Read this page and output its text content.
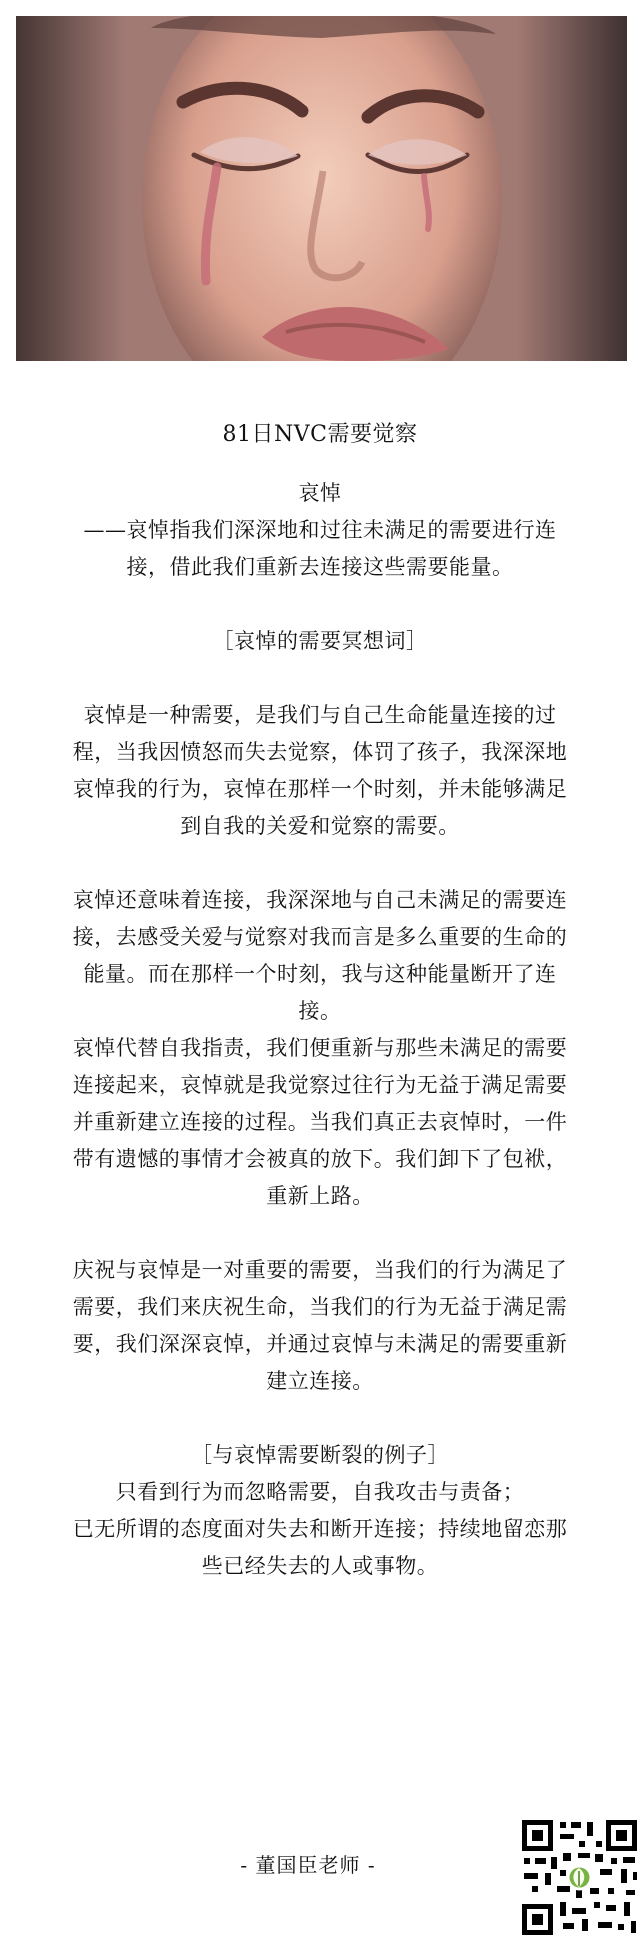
81日NVC需要觉察
哀悼
——哀悼指我们深深地和过往未满足的需要进行连接，借此我们重新去连接这些需要能量。
［哀悼的需要冥想词］
哀悼是一种需要，是我们与自己生命能量连接的过程，当我因愤怒而失去觉察，体罚了孩子，我深深地哀悼我的行为，哀悼在那样一个时刻，并未能够满足到自我的关爱和觉察的需要。
哀悼还意味着连接，我深深地与自己未满足的需要连接，去感受关爱与觉察对我而言是多么重要的生命的能量。而在那样一个时刻，我与这种能量断开了连接。
哀悼代替自我指责，我们便重新与那些未满足的需要连接起来，哀悼就是我觉察过往行为无益于满足需要并重新建立连接的过程。当我们真正去哀悼时，一件带有遗憾的事情才会被真的放下。我们卸下了包袱，重新上路。
庆祝与哀悼是一对重要的需要，当我们的行为满足了需要，我们来庆祝生命，当我们的行为无益于满足需要，我们深深哀悼，并通过哀悼与未满足的需要重新建立连接。
［与哀悼需要断裂的例子］
只看到行为而忽略需要，自我攻击与责备；
已无所谓的态度面对失去和断开连接；持续地留恋那些已经失去的人或事物。
- 董国臣老师 -
